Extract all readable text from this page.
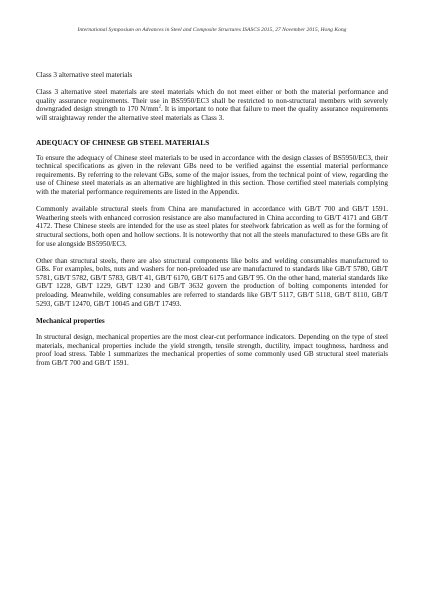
International Symposium on Advances in Steel and Composite Structures ISASCS 2015, 27 November 2015, Hong Kong

Class 3 alternative steel materials

Class 3 alternative steel materials are steel materials which do not meet either or both the material performance and quality assurance requirements. Their use in BS5950/EC3 shall be restricted to non-structural members with severely downgraded design strength to 170 $N/mm^2$. It is important to note that failure to meet the quality assurance requirements will straightaway render the alternative steel materials as Class 3.

ADEQUACY OF CHINESE GB STEEL MATERIALS

To ensure the adequacy of Chinese steel materials to be used in accordance with the design classes of BS5950/EC3, their technical specifications as given in the relevant GBs need to be verified against the essential material performance requirements. By referring to the relevant GBs, some of the major issues, from the technical point of view, regarding the use of Chinese steel materials as an alternative are highlighted in this section. Those certified steel materials complying with the material performance requirements are listed in the Appendix.

Commonly available structural steels from China are manufactured in accordance with GB/T 700 and GB/T 1591. Weathering steels with enhanced corrosion resistance are also manufactured in China according to GB/T 4171 and GB/T 4172. These Chinese steels are intended for the use as steel plates for steelwork fabrication as well as for the forming of structural sections, both open and hollow sections. It is noteworthy that not all the steels manufactured to these GBs are fit for use alongside BS5950/EC3.

Other than structural steels, there are also structural components like bolts and welding consumables manufactured to GBs. For examples, bolts, nuts and washers for non-preloaded use are manufactured to standards like GB/T 5780, GB/T 5781, GB/T 5782, GB/T 5783, GB/T 41, GB/T 6170, GB/T 6175 and GB/T 95. On the other hand, material standards like GB/T 1228, GB/T 1229, GB/T 1230 and GB/T 3632 govern the production of bolting components intended for preloading. Meanwhile, welding consumables are referred to standards like GB/T 5117, GB/T 5118, GB/T 8110, GB/T 5293, GB/T 12470, GB/T 10045 and GB/T 17493.

Mechanical properties

In structural design, mechanical properties are the most clear-cut performance indicators. Depending on the type of steel materials, mechanical properties include the yield strength, tensile strength, ductility, impact toughness, hardness and proof load stress. Table 1 summarizes the mechanical properties of some commonly used GB structural steel materials from GB/T 700 and GB/T 1591.
